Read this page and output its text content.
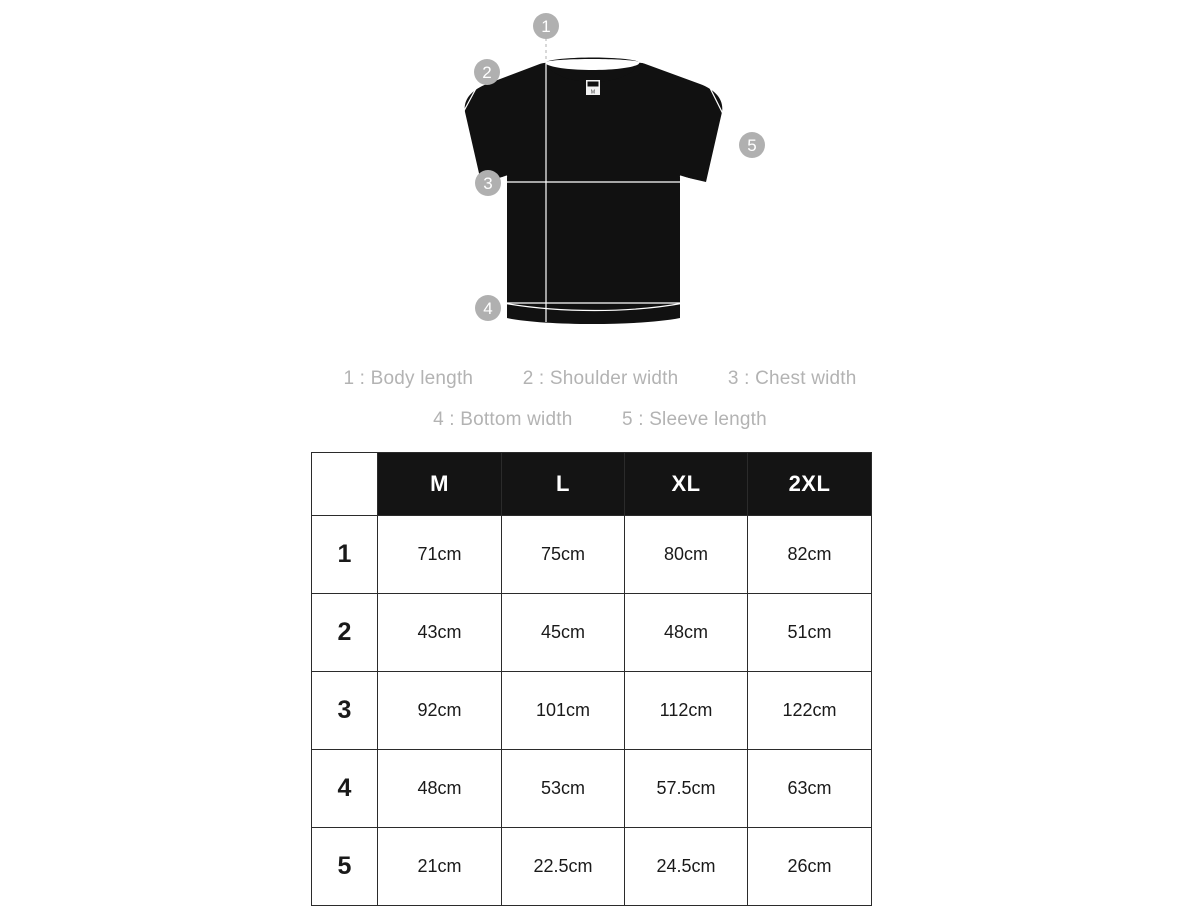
M
1
2
3
4
5
1 : Body length	2 : Shoulder width	3 : Chest width
4 : Bottom width	5 : Sleeve length
	M	L	XL	2XL
1	71cm	75cm	80cm	82cm
2	43cm	45cm	48cm	51cm
3	92cm	101cm	112cm	122cm
4	48cm	53cm	57.5cm	63cm
5	21cm	22.5cm	24.5cm	26cm
